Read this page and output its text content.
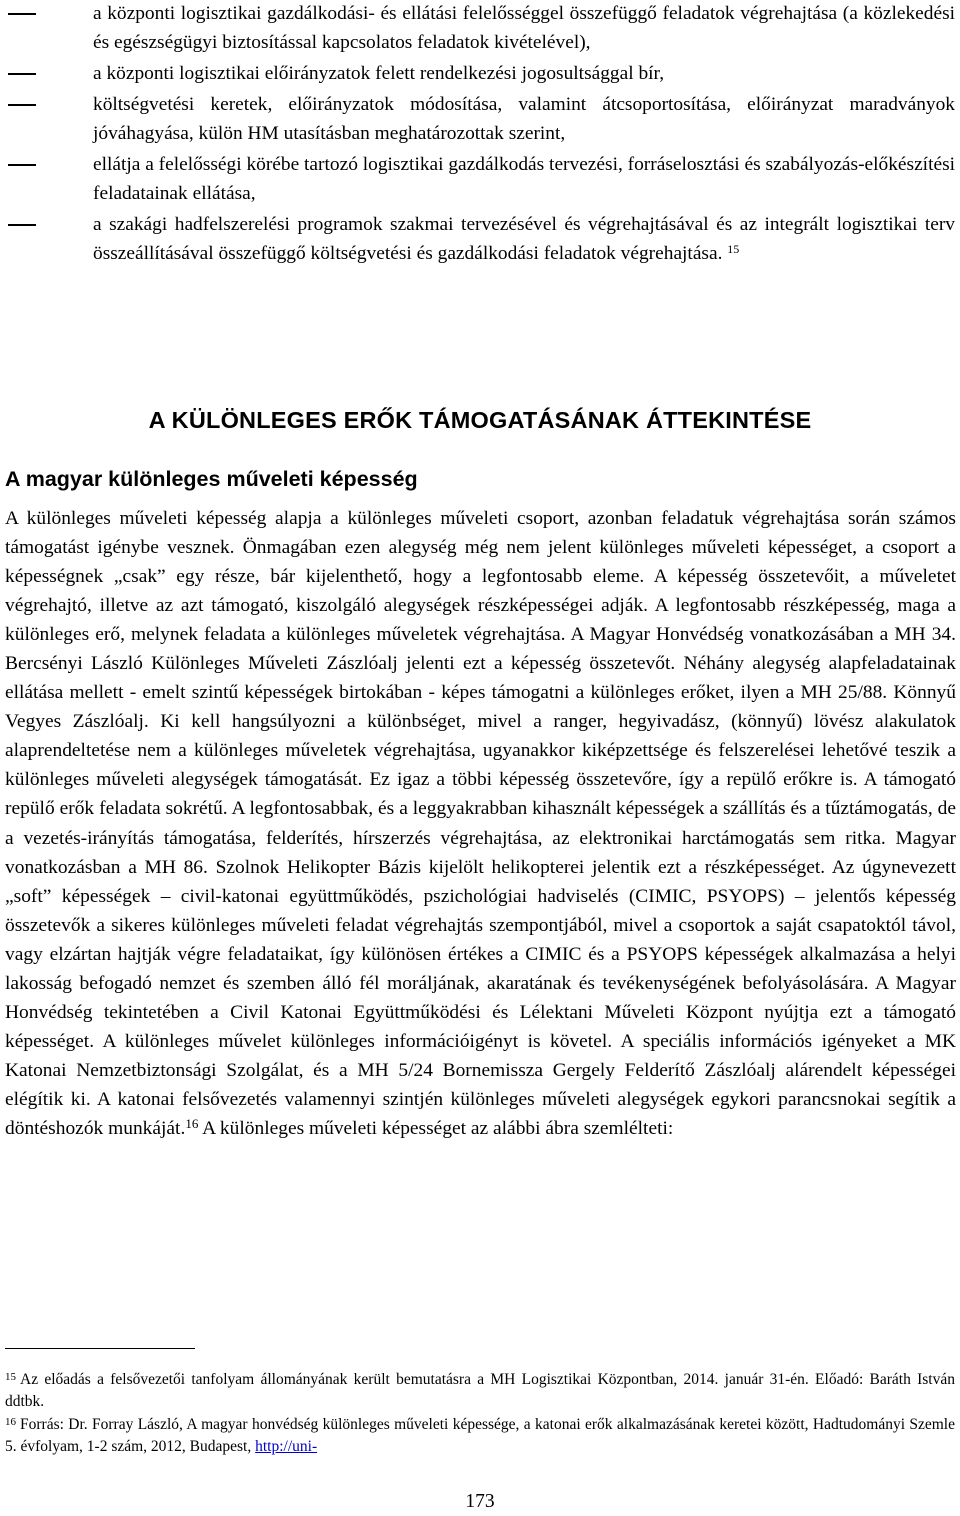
a központi logisztikai gazdálkodási- és ellátási felelősséggel összefüggő feladatok végrehajtása (a közlekedési és egészségügyi biztosítással kapcsolatos feladatok kivételével),
a központi logisztikai előirányzatok felett rendelkezési jogosultsággal bír,
költségvetési keretek, előirányzatok módosítása, valamint átcsoportosítása, előirányzat maradványok jóváhagyása, külön HM utasításban meghatározottak szerint,
ellátja a felelősségi körébe tartozó logisztikai gazdálkodás tervezési, forráselosztási és szabályozás-előkészítési feladatainak ellátása,
a szakági hadfelszerelési programok szakmai tervezésével és végrehajtásával és az integrált logisztikai terv összeállításával összefüggő költségvetési és gazdálkodási feladatok végrehajtása. $^{15}$
A KÜLÖNLEGES ERŐK TÁMOGATÁSÁNAK ÁTTEKINTÉSE
A magyar különleges műveleti képesség

A különleges műveleti képesség alapja a különleges műveleti csoport, azonban feladatuk végrehajtása során számos támogatást igénybe vesznek. Önmagában ezen alegység még nem jelent különleges műveleti képességet, a csoport a képességnek „csak” egy része, bár kijelenthető, hogy a legfontosabb eleme. A képesség összetevőit, a műveletet végrehajtó, illetve az azt támogató, kiszolgáló alegységek részképességei adják. A legfontosabb részképesség, maga a különleges erő, melynek feladata a különleges műveletek végrehajtása. A Magyar Honvédség vonatkozásában a MH 34. Bercsényi László Különleges Műveleti Zászlóalj jelenti ezt a képesség összetevőt. Néhány alegység alapfeladatainak ellátása mellett - emelt szintű képességek birtokában - képes támogatni a különleges erőket, ilyen a MH 25/88. Könnyű Vegyes Zászlóalj. Ki kell hangsúlyozni a különbséget, mivel a ranger, hegyivadász, (könnyű) lövész alakulatok alaprendeltetése nem a különleges műveletek végrehajtása, ugyanakkor kiképzettsége és felszerelései lehetővé teszik a különleges műveleti alegységek támogatását. Ez igaz a többi képesség összetevőre, így a repülő erőkre is. A támogató repülő erők feladata sokrétű. A legfontosabbak, és a leggyakrabban kihasznált képességek a szállítás és a tűztámogatás, de a vezetés-irányítás támogatása, felderítés, hírszerzés végrehajtása, az elektronikai harctámogatás sem ritka. Magyar vonatkozásban a MH 86. Szolnok Helikopter Bázis kijelölt helikopterei jelentik ezt a részképességet. Az úgynevezett „soft” képességek – civil-katonai együttműködés, pszichológiai hadviselés (CIMIC, PSYOPS) – jelentős képesség összetevők a sikeres különleges műveleti feladat végrehajtás szempontjából, mivel a csoportok a saját csapatoktól távol, vagy elzártan hajtják végre feladataikat, így különösen értékes a CIMIC és a PSYOPS képességek alkalmazása a helyi lakosság befogadó nemzet és szemben álló fél moráljának, akaratának és tevékenységének befolyásolására. A Magyar Honvédség tekintetében a Civil Katonai Együttműködési és Lélektani Műveleti Központ nyújtja ezt a támogató képességet. A különleges művelet különleges információigényt is követel. A speciális információs igényeket a MK Katonai Nemzetbiztonsági Szolgálat, és a MH 5/24 Bornemissza Gergely Felderítő Zászlóalj alárendelt képességei elégítik ki. A katonai felsővezetés valamennyi szintjén különleges műveleti alegységek egykori parancsnokai segítik a döntéshozók munkáját.$^{16}$ A különleges műveleti képességet az alábbi ábra szemlélteti:

$^{15}$ Az előadás a felsővezetői tanfolyam állományának került bemutatásra a MH Logisztikai Központban, 2014. január 31-én. Előadó: Baráth István ddtbk.

$^{16}$ Forrás: Dr. Forray László, A magyar honvédség különleges műveleti képessége, a katonai erők alkalmazásának keretei között, Hadtudományi Szemle 5. évfolyam, 1-2 szám, 2012, Budapest, http://uni-

173
